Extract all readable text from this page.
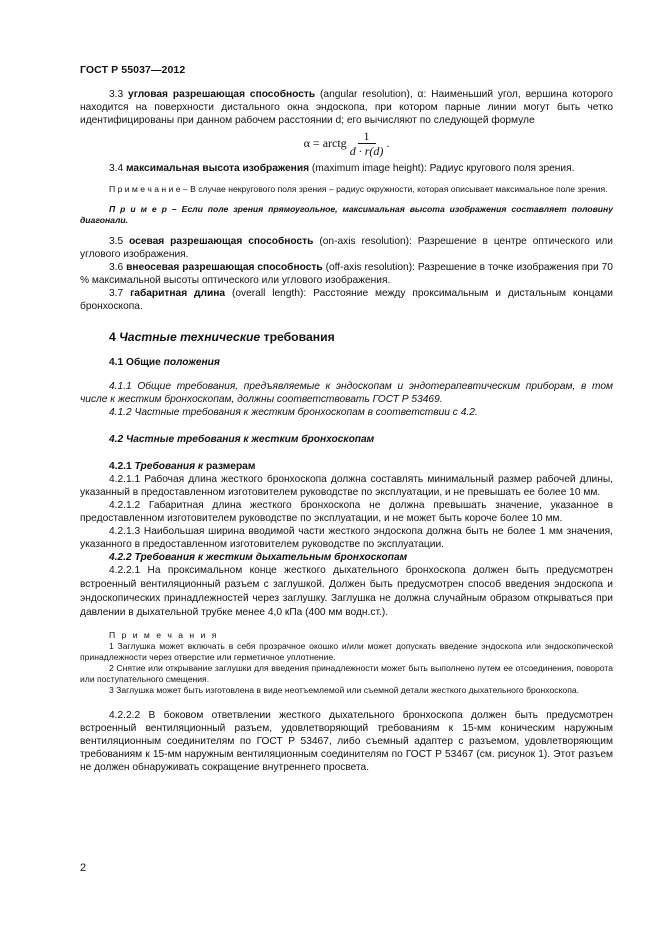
ГОСТ Р 55037—2012

3.3 угловая разрешающая способность (angular resolution), α: Наименьший угол, вершина которого находится на поверхности дистального окна эндоскопа, при котором парные линии могут быть четко идентифицированы при данном рабочем расстоянии d; его вычисляют по следующей формуле

α = arctg $\frac{1}{d \cdot r(d)}$ .

3.4 максимальная высота изображения (maximum image height): Радиус кругового поля зрения.

П р и м е ч а н и е – В случае некругового поля зрения – радиус окружности, которая описывает максимальное поле зрения.

П р и м е р – Если поле зрения прямоугольное, максимальная высота изображения составляет половину диагонали.

3.5 осевая разрешающая способность (on-axis resolution): Разрешение в центре оптического или углового изображения.

3.6 внеосевая разрешающая способность (off-axis resolution): Разрешение в точке изображения при 70 % максимальной высоты оптического или углового изображения.

3.7 габаритная длина (overall length): Расстояние между проксимальным и дистальным концами бронхоскопа.

4 Частные технические требования
4.1 Общие положения

4.1.1 Общие требования, предъявляемые к эндоскопам и эндотерапевтическим приборам, в том числе к жестким бронхоскопам, должны соответствовать ГОСТ Р 53469.

4.1.2 Частные требования к жестким бронхоскопам в соответствии с 4.2.

4.2 Частные требования к жестким бронхоскопам
4.2.1 Требования к размерам

4.2.1.1 Рабочая длина жесткого бронхоскопа должна составлять минимальный размер рабочей длины, указанный в предоставленном изготовителем руководстве по эксплуатации, и не превышать ее более 10 мм.

4.2.1.2 Габаритная длина жесткого бронхоскопа не должна превышать значение, указанное в предоставленном изготовителем руководстве по эксплуатации, и не может быть короче более 10 мм.

4.2.1.3 Наибольшая ширина вводимой части жесткого эндоскопа должна быть не более 1 мм значения, указанного в предоставленном изготовителем руководстве по эксплуатации.

4.2.2 Требования к жестким дыхательным бронхоскопам

4.2.2.1 На проксимальном конце жесткого дыхательного бронхоскопа должен быть предусмотрен встроенный вентиляционный разъем с заглушкой. Должен быть предусмотрен способ введения эндоскопа и эндоскопических принадлежностей через заглушку. Заглушка не должна случайным образом открываться при давлении в дыхательной трубке менее 4,0 кПа (400 мм водн.ст.).

П р и м е ч а н и я

1 Заглушка может включать в себя прозрачное окошко и/или может допускать введение эндоскопа или эндоскопической принадлежности через отверстие или герметичное уплотнение.

2 Снятие или открывание заглушки для введения принадлежности может быть выполнено путем ее отсоединения, поворота или поступательного смещения.

3 Заглушка может быть изготовлена в виде неотъемлемой или съемной детали жесткого дыхательного бронхоскопа.

4.2.2.2 В боковом ответвлении жесткого дыхательного бронхоскопа должен быть предусмотрен встроенный вентиляционный разъем, удовлетворяющий требованиям к 15-мм коническим наружным вентиляционным соединителям по ГОСТ Р 53467, либо съемный адаптер с разъемом, удовлетворяющим требованиям к 15-мм наружным вентиляционным соединителям по ГОСТ Р 53467 (см. рисунок 1). Этот разъем не должен обнаруживать сокращение внутреннего просвета.

2
